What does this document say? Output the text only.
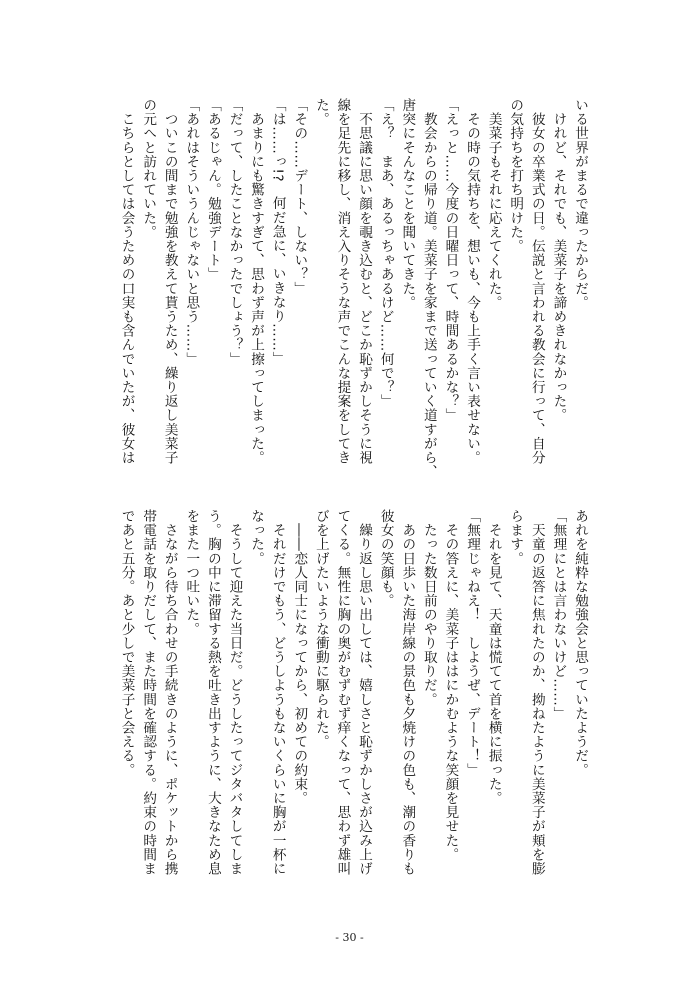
いる世界がまるで違ったからだ。

　けれど、それでも、美菜子を諦めきれなかった。

　彼女の卒業式の日。伝説と言われる教会に行って、自分

の気持ちを打ち明けた。

　美菜子もそれに応えてくれた。

　その時の気持ちを、想いも、今も上手く言い表せない。

「えっと……今度の日曜日って、時間あるかな？」

　教会からの帰り道。美菜子を家まで送っていく道すがら、

唐突にそんなことを聞いてきた。

「え？　まあ、あるっちゃあるけど……何で？」

　不思議に思い顔を覗き込むと、どこか恥ずかしそうに視

線を足先に移し、消え入りそうな声でこんな提案をしてき

た。

「その……デート、しない？」

「は……っ!?　何だ急に、いきなり……」

　あまりにも驚きすぎて、思わず声が上擦ってしまった。

「だって、したことなかったでしょう？」

「あるじゃん。勉強デート」

「あれはそういうんじゃないと思う……」

　ついこの間まで勉強を教えて貰うため、繰り返し美菜子

の元へと訪れていた。

　こちらとしては会うための口実も含んでいたが、彼女は

あれを純粋な勉強会と思っていたようだ。

「無理にとは言わないけど……」

　天童の返答に焦れたのか、拗ねたように美菜子が頬を膨

らます。

　それを見て、天童は慌てて首を横に振った。

「無理じゃねえ！　しようぜ、デート！」

　その答えに、美菜子ははにかむような笑顔を見せた。

　たった数日前のやり取りだ。

　あの日歩いた海岸線の景色も夕焼けの色も、潮の香りも

彼女の笑顔も。

　繰り返し思い出しては、嬉しさと恥ずかしさが込み上げ

てくる。無性に胸の奥がむずむず痒くなって、思わず雄叫

びを上げたいような衝動に駆られた。

　――恋人同士になってから、初めての約束。

　それだけでもう、どうしようもないくらいに胸が一杯に

なった。

　そうして迎えた当日だ。どうしたってジタバタしてしま

う。胸の中に滞留する熱を吐き出すように、大きなため息

をまた一つ吐いた。

　さながら待ち合わせの手続きのように、ポケットから携

帯電話を取りだして、また時間を確認する。約束の時間ま

であと五分。あと少しで美菜子と会える。

- 30 -
